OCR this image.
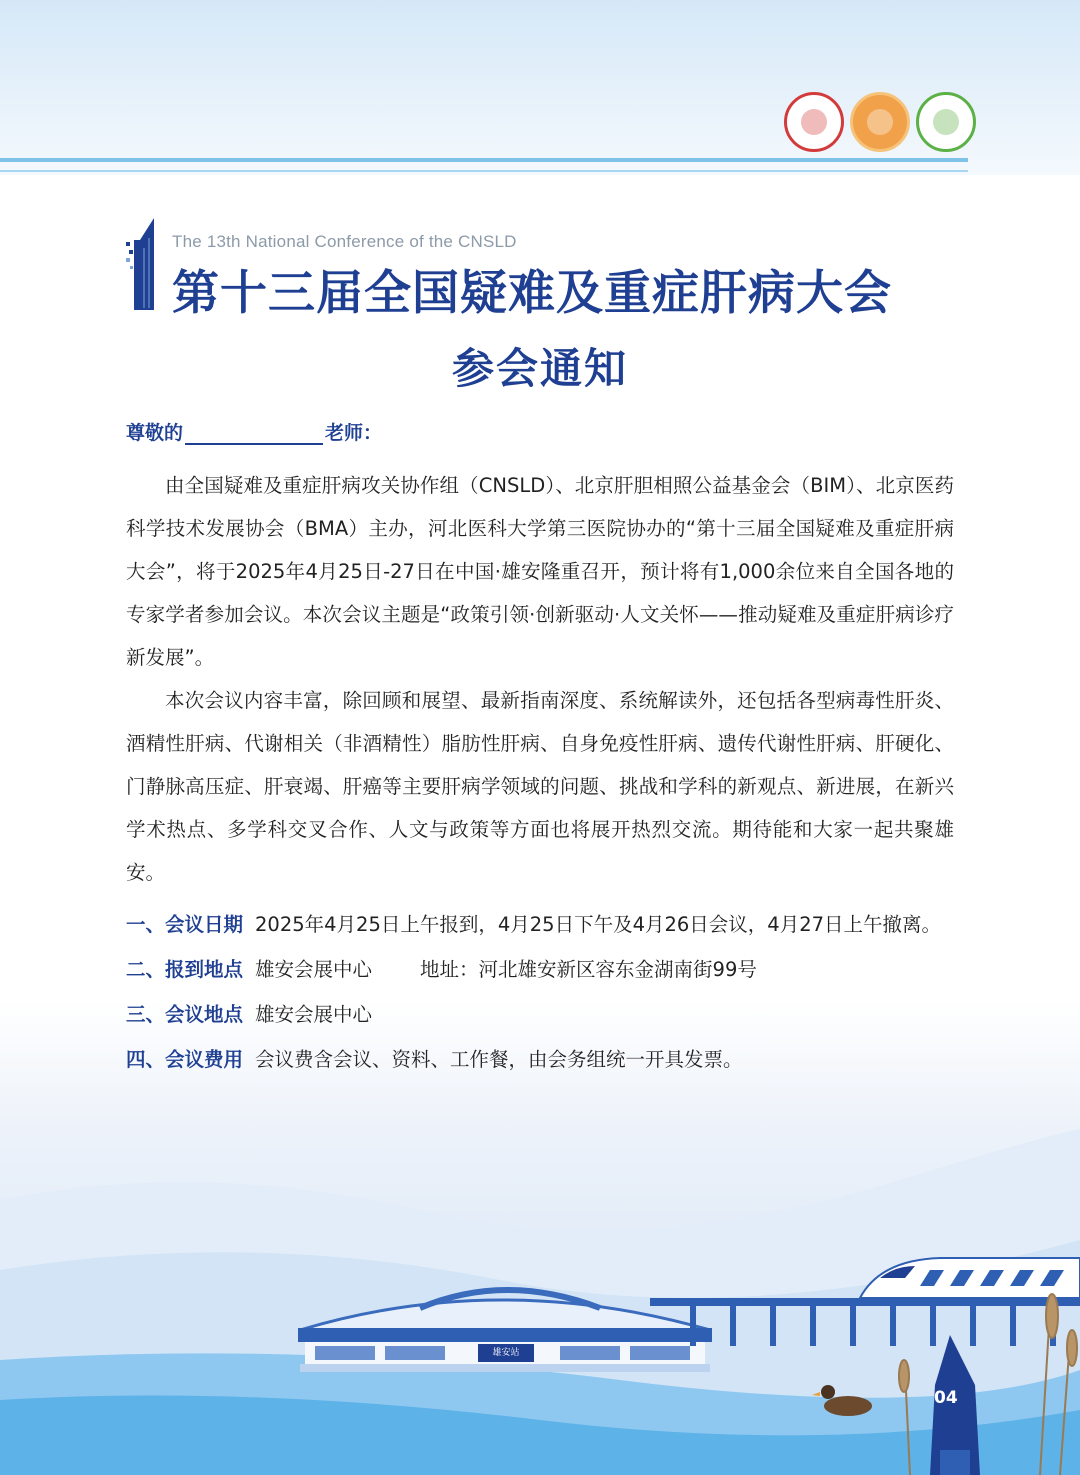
The 13th National Conference of the CNSLD
第十三届全国疑难及重症肝病大会
参会通知
尊敬的	老师：

由全国疑难及重症肝病攻关协作组（CNSLD）、北京肝胆相照公益基金会（BIM）、北京医药科学技术发展协会（BMA）主办，河北医科大学第三医院协办的“第十三届全国疑难及重症肝病大会”，将于2025年4月25日-27日在中国·雄安隆重召开，预计将有1,000余位来自全国各地的专家学者参加会议。本次会议主题是“政策引领·创新驱动·人文关怀——推动疑难及重症肝病诊疗新发展”。

本次会议内容丰富，除回顾和展望、最新指南深度、系统解读外，还包括各型病毒性肝炎、酒精性肝病、代谢相关（非酒精性）脂肪性肝病、自身免疫性肝病、遗传代谢性肝病、肝硬化、门静脉高压症、肝衰竭、肝癌等主要肝病学领域的问题、挑战和学科的新观点、新进展，在新兴学术热点、多学科交叉合作、人文与政策等方面也将展开热烈交流。期待能和大家一起共聚雄安。

一、会议日期 2025年4月25日上午报到，4月25日下午及4月26日会议，4月27日上午撤离。
二、报到地点 雄安会展中心 地址：河北雄安新区容东金湖南街99号
三、会议地点 雄安会展中心
四、会议费用 会议费含会议、资料、工作餐，由会务组统一开具发票。
雄安站
04
